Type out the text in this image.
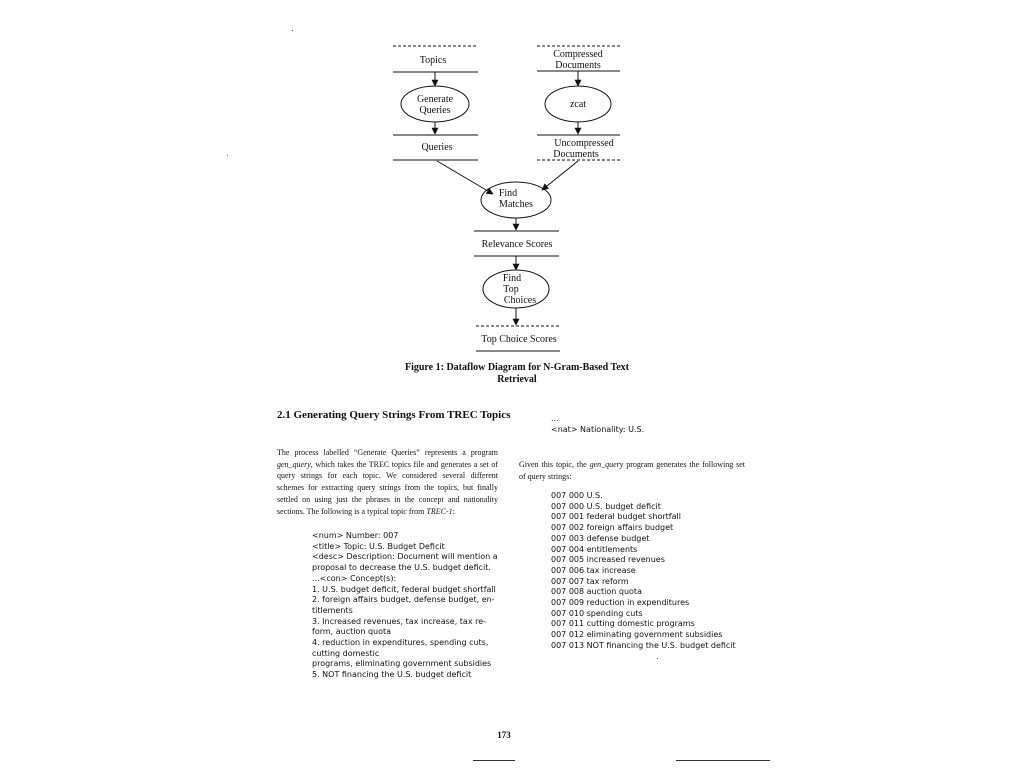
Topics
Compressed
Documents
Generate
Queries
zcat
Queries	Uncompressed
Documents
Find
Matches
Relevance Scores
Find
Top
Choices
Top Choice Scores
Figure 1: Dataflow Diagram for N-Gram-Based Text
Retrieval
2.1 Generating Query Strings From TREC Topics

The process labelled “Generate Queries” represents a program gen_query, which takes the TREC topics file and generates a set of query strings for each topic. We considered several different schemes for extracting query strings from the topics, but finally settled on using just the phrases in the concept and nationality sections. The following is a typical topic from TREC-1:

<num> Number: 007
<title> Topic: U.S. Budget Deficit
<desc> Description: Document will mention a
proposal to decrease the U.S. budget deficit.
...<con> Concept(s):
1. U.S. budget deficit, federal budget shortfall
2. foreign affairs budget, defense budget, en-
titlements
3. Increased revenues, tax increase, tax re-
form, auction quota
4. reduction in expenditures, spending cuts,
cutting domestic
programs, eliminating government subsidies
5. NOT financing the U.S. budget deficit
...
<nat> Nationality: U.S.

Given this topic, the gen_query program generates the following set of query strings:

007 000 U.S.
007 000 U.S. budget deficit
007 001 federal budget shortfall
007 002 foreign affairs budget
007 003 defense budget
007 004 entitlements
007 005 increased revenues
007 006 tax increase
007 007 tax reform
007 008 auction quota
007 009 reduction in expenditures
007 010 spending cuts
007 011 cutting domestic programs
007 012 eliminating government subsidies
007 013 NOT financing the U.S. budget deficit
173
